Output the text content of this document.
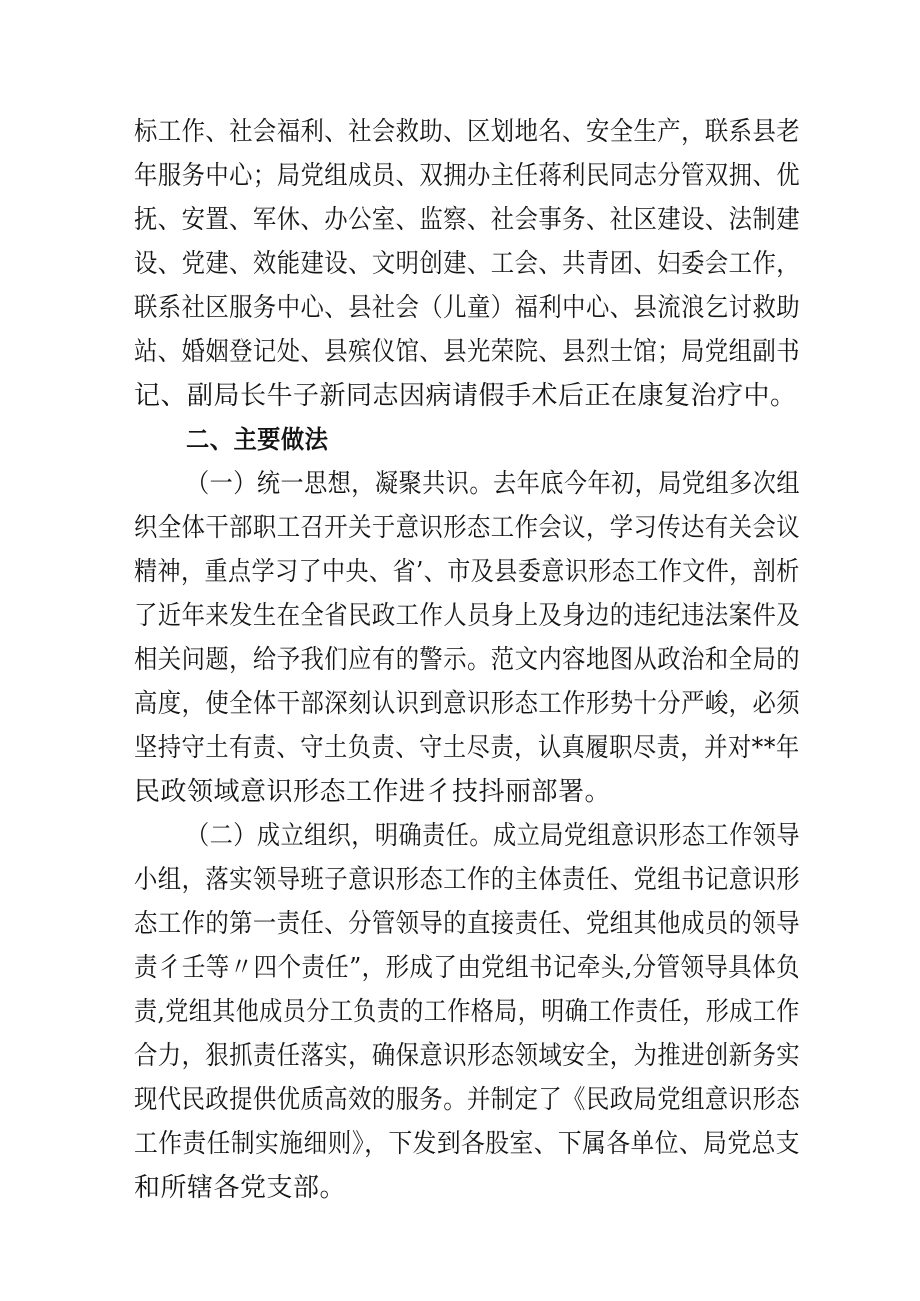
标工作、社会福利、社会救助、区划地名、安全生产，联系县老
年服务中心；局党组成员、双拥办主任蒋利民同志分管双拥、优
抚、安置、军休、办公室、监察、社会事务、社区建设、法制建
设、党建、效能建设、文明创建、工会、共青团、妇委会工作，
联系社区服务中心、县社会（儿童）福利中心、县流浪乞讨救助
站、婚姻登记处、县殡仪馆、县光荣院、县烈士馆；局党组副书
记、副局长牛子新同志因病请假手术后正在康复治疗中。
二、主要做法
（一）统一思想，凝聚共识。去年底今年初，局党组多次组
织全体干部职工召开关于意识形态工作会议，学习传达有关会议
精神，重点学习了中央、省’、市及县委意识形态工作文件，剖析
了近年来发生在全省民政工作人员身上及身边的违纪违法案件及
相关问题，给予我们应有的警示。范文内容地图从政治和全局的
高度，使全体干部深刻认识到意识形态工作形势十分严峻，必须
坚持守土有责、守土负责、守土尽责，认真履职尽责，并对**年
民政领域意识形态工作进彳技抖丽部署。
（二）成立组织，明确责任。成立局党组意识形态工作领导
小组，落实领导班子意识形态工作的主体责任、党组书记意识形
态工作的第一责任、分管领导的直接责任、党组其他成员的领导
责彳壬等〃四个责任”，形成了由党组书记牵头,分管领导具体负
责,党组其他成员分工负责的工作格局，明确工作责任，形成工作
合力，狠抓责任落实，确保意识形态领域安全，为推进创新务实
现代民政提供优质高效的服务。并制定了《民政局党组意识形态
工作责任制实施细则》，下发到各股室、下属各单位、局党总支
和所辖各党支部。
